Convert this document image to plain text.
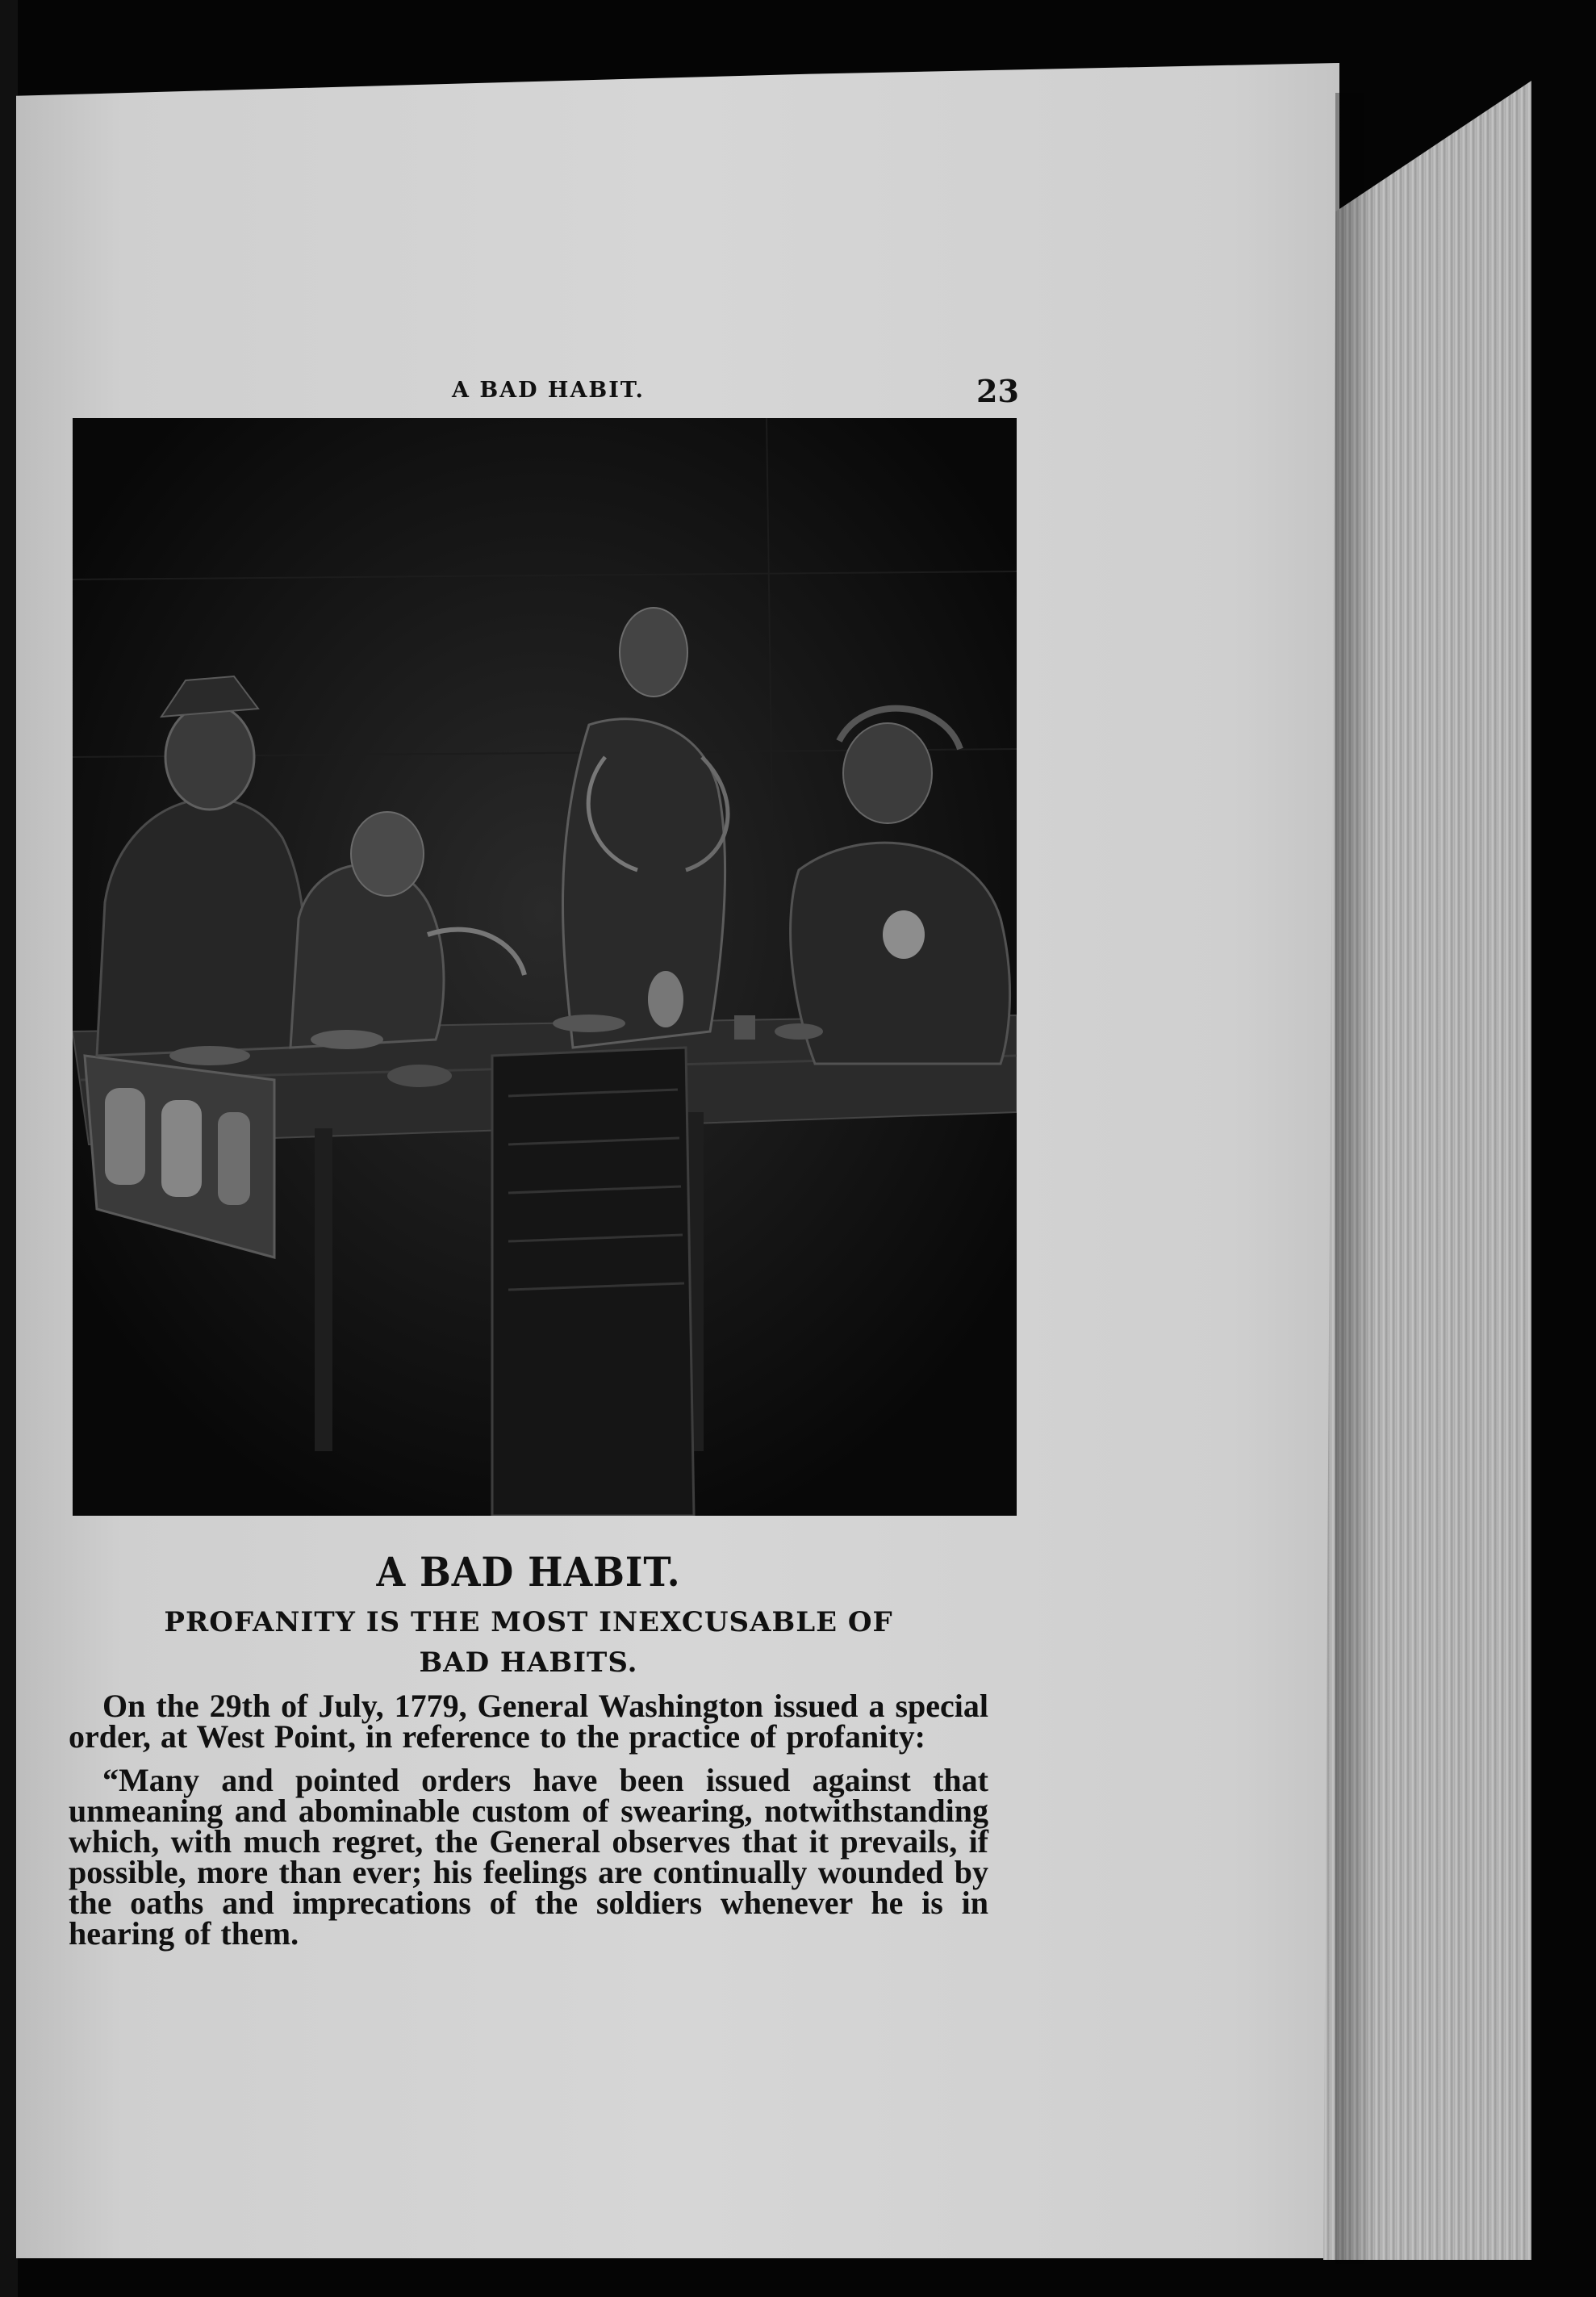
A BAD HABIT.	23
A BAD HABIT.
PROFANITY IS THE MOST INEXCUSABLE OF
BAD HABITS.

On the 29th of July, 1779, General Washington issued a special order, at West Point, in reference to the practice of profanity:

“Many and pointed orders have been issued against that unmeaning and abominable custom of swearing, notwithstanding which, with much regret, the General observes that it prevails, if possible, more than ever; his feelings are continually wounded by the oaths and imprecations of the soldiers whenever he is in hearing of them.
